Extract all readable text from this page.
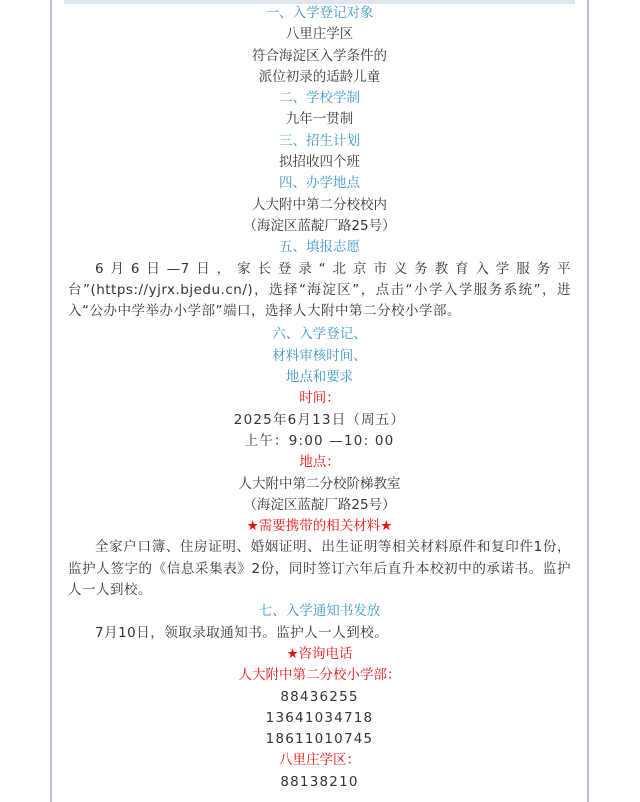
一、入学登记对象
八里庄学区
符合海淀区入学条件的
派位初录的适龄儿童
二、学校学制
九年一贯制
三、招生计划
拟招收四个班
四、办学地点
人大附中第二分校校内
（海淀区蓝靛厂路25号）
五、填报志愿
6月6日—7日，家长登录“北京市义务教育入学服务平台”(https://yjrx.bjedu.cn/)，选择“海淀区”，点击“小学入学服务系统”，进入“公办中学举办小学部”端口，选择人大附中第二分校小学部。
六、入学登记、
材料审核时间、
地点和要求
时间：
2025年6月13日（周五）
上午：9:00 —10: 00
地点：
人大附中第二分校阶梯教室
（海淀区蓝靛厂路25号）
★需要携带的相关材料★
全家户口簿、住房证明、婚姻证明、出生证明等相关材料原件和复印件1份，监护人签字的《信息采集表》2份，同时签订六年后直升本校初中的承诺书。监护人一人到校。
七、入学通知书发放
7月10日，领取录取通知书。监护人一人到校。
★咨询电话
人大附中第二分校小学部：
88436255
13641034718
18611010745
八里庄学区：
88138210
